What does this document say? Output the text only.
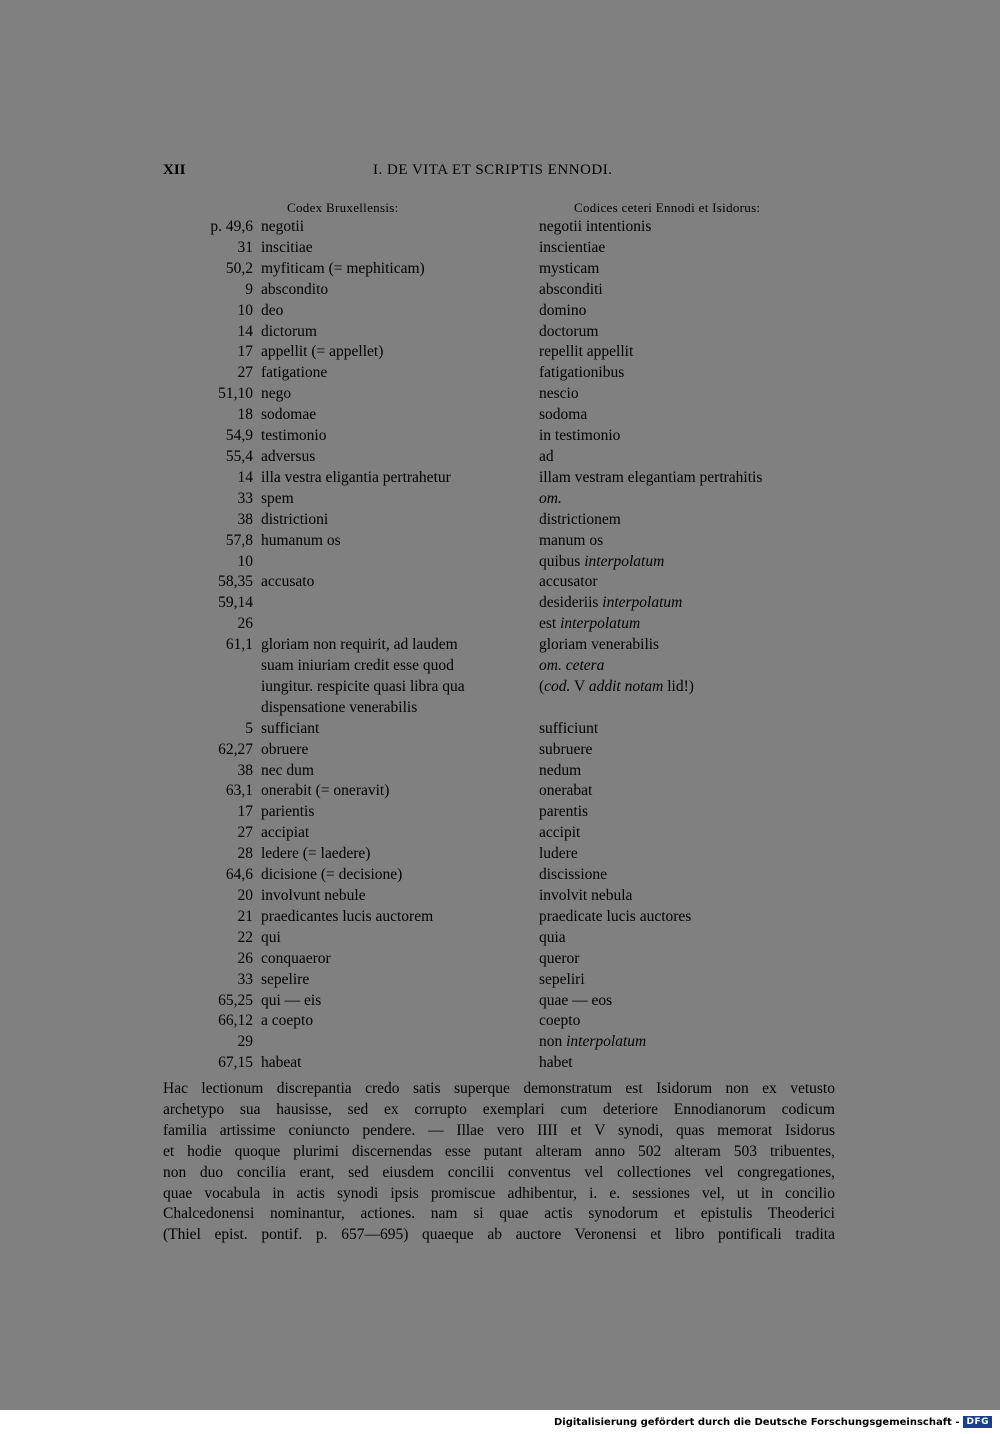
XII	I. DE VITA ET SCRIPTIS ENNODI.
Codex Bruxellensis:	Codices ceteri Ennodi et Isidorus:
p. 49,6	negotii	negotii intentionis
31	inscitiae	inscientiae
50,2	myfiticam (= mephiticam)	mysticam
9	abscondito	absconditi
10	deo	domino
14	dictorum	doctorum
17	appellit (= appellet)	repellit appellit
27	fatigatione	fatigationibus
51,10	nego	nescio
18	sodomae	sodoma
54,9	testimonio	in testimonio
55,4	adversus	ad
14	illa vestra eligantia pertrahetur	illam vestram elegantiam pertrahitis
33	spem	om.
38	districtioni	districtionem
57,8	humanum os	manum os
10		quibus interpolatum
58,35	accusato	accusator
59,14		desideriis interpolatum
26		est interpolatum
61,1	gloriam non requirit, ad laudem	gloriam venerabilis
	suam iniuriam credit esse quod	om. cetera
	iungitur. respicite quasi libra qua	(cod. V addit notam lid!)
	dispensatione venerabilis	
5	sufficiant	sufficiunt
62,27	obruere	subruere
38	nec dum	nedum
63,1	onerabit (= oneravit)	onerabat
17	parientis	parentis
27	accipiat	accipit
28	ledere (= laedere)	ludere
64,6	dicisione (= decisione)	discissione
20	involvunt nebule	involvit nebula
21	praedicantes lucis auctorem	praedicate lucis auctores
22	qui	quia
26	conquaeror	queror
33	sepelire	sepeliri
65,25	qui — eis	quae — eos
66,12	a coepto	coepto
29		non interpolatum
67,15	habeat	habet
Hac lectionum discrepantia credo satis superque demonstratum est Isidorum non ex vetusto
archetypo sua hausisse, sed ex corrupto exemplari cum deteriore Ennodianorum codicum
familia artissime coniuncto pendere. — Illae vero IIII et V synodi, quas memorat Isidorus
et hodie quoque plurimi discernendas esse putant alteram anno 502 alteram 503 tribuentes,
non duo concilia erant, sed eiusdem concilii conventus vel collectiones vel congregationes,
quae vocabula in actis synodi ipsis promiscue adhibentur, i. e. sessiones vel, ut in concilio
Chalcedonensi nominantur, actiones. nam si quae actis synodorum et epistulis Theoderici
(Thiel epist. pontif. p. 657—695) quaeque ab auctore Veronensi et libro pontificali tradita
Digitalisierung gefördert durch die Deutsche Forschungsgemeinschaft - DFG
